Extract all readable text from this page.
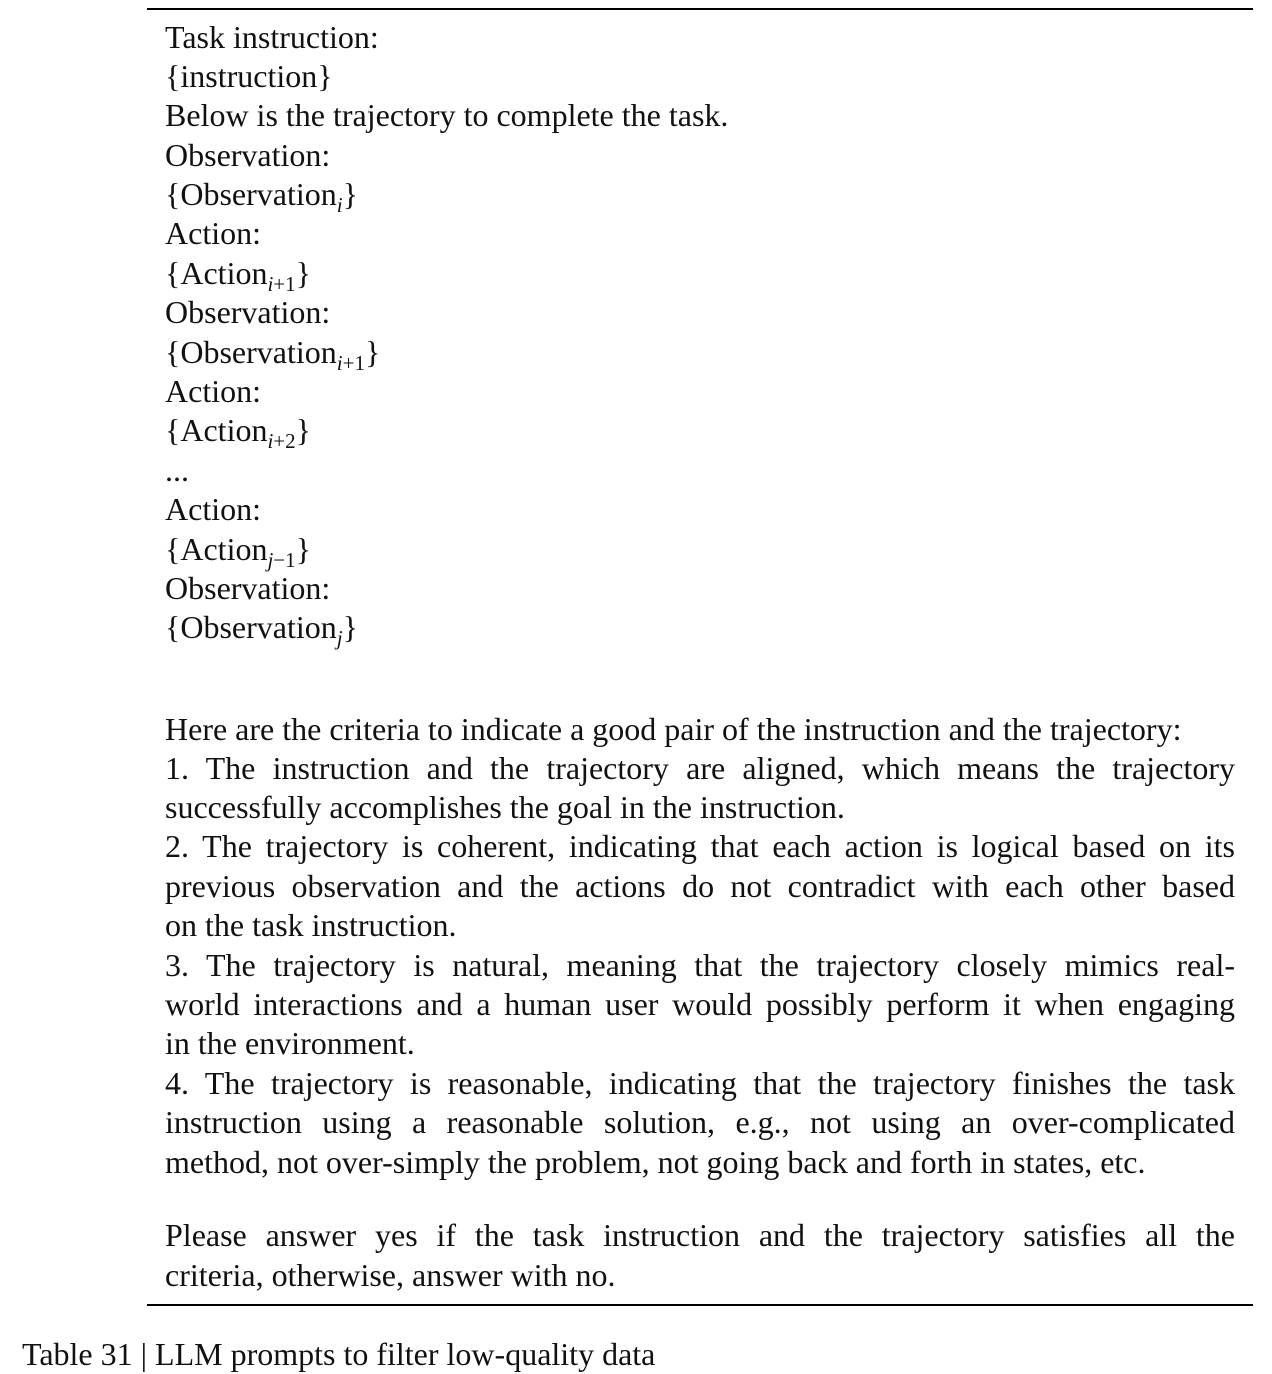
Task instruction:
{instruction}
Below is the trajectory to complete the task.
Observation:
{Observation$_i$}
Action:
{Action$_{i+1}$}
Observation:
{Observation$_{i+1}$}
Action:
{Action$_{i+2}$}
...
Action:
{Action$_{j-1}$}
Observation:
{Observation$_j$}
Here are the criteria to indicate a good pair of the instruction and the trajectory:
1. The instruction and the trajectory are aligned, which means the trajectory
successfully accomplishes the goal in the instruction.
2. The trajectory is coherent, indicating that each action is logical based on its
previous observation and the actions do not contradict with each other based
on the task instruction.
3. The trajectory is natural, meaning that the trajectory closely mimics real-
world interactions and a human user would possibly perform it when engaging
in the environment.
4. The trajectory is reasonable, indicating that the trajectory finishes the task
instruction using a reasonable solution, e.g., not using an over-complicated
method, not over-simply the problem, not going back and forth in states, etc.
Please answer yes if the task instruction and the trajectory satisfies all the
criteria, otherwise, answer with no.
Table 31 | LLM prompts to filter low-quality data
